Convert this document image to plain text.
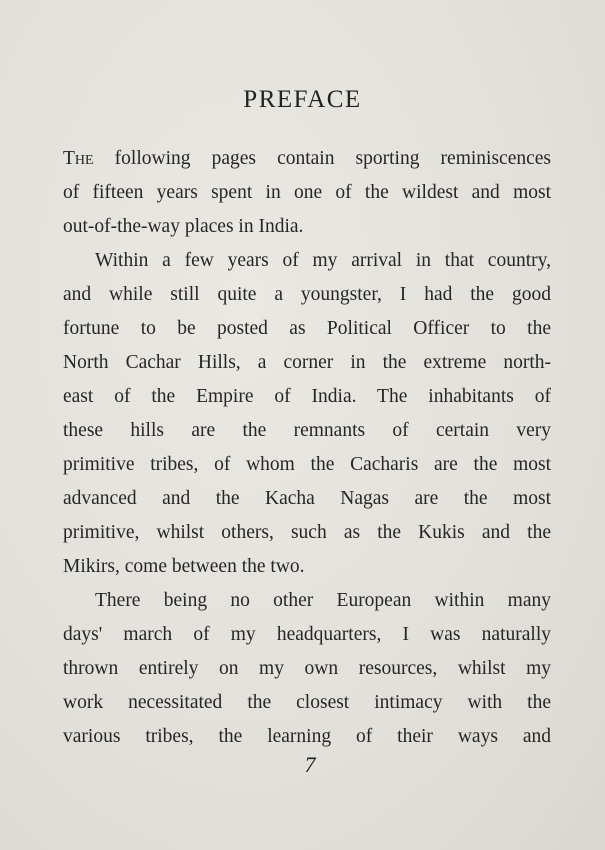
PREFACE
The following pages contain sporting reminiscences
of fifteen years spent in one of the wildest and most
out-of-the-way places in India.
Within a few years of my arrival in that country,
and while still quite a youngster, I had the good
fortune to be posted as Political Officer to the
North Cachar Hills, a corner in the extreme north-
east of the Empire of India. The inhabitants of
these hills are the remnants of certain very
primitive tribes, of whom the Cacharis are the most
advanced and the Kacha Nagas are the most
primitive, whilst others, such as the Kukis and the
Mikirs, come between the two.
There being no other European within many
days' march of my headquarters, I was naturally
thrown entirely on my own resources, whilst my
work necessitated the closest intimacy with the
various tribes, the learning of their ways and
7
